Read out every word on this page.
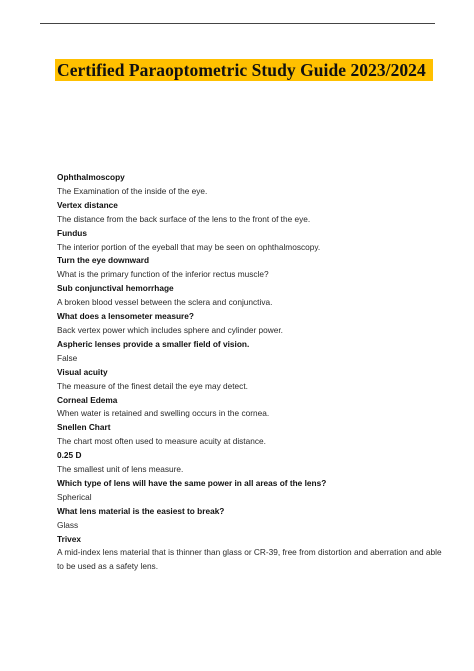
Certified Paraoptometric Study Guide 2023/2024
Ophthalmoscopy
The Examination of the inside of the eye.
Vertex distance
The distance from the back surface of the lens to the front of the eye.
Fundus
The interior portion of the eyeball that may be seen on ophthalmoscopy.
Turn the eye downward
What is the primary function of the inferior rectus muscle?
Sub conjunctival hemorrhage
A broken blood vessel between the sclera and conjunctiva.
What does a lensometer measure?
Back vertex power which includes sphere and cylinder power.
Aspheric lenses provide a smaller field of vision.
False
Visual acuity
The measure of the finest detail the eye may detect.
Corneal Edema
When water is retained and swelling occurs in the cornea.
Snellen Chart
The chart most often used to measure acuity at distance.
0.25 D
The smallest unit of lens measure.
Which type of lens will have the same power in all areas of the lens?
Spherical
What lens material is the easiest to break?
Glass
Trivex
A mid-index lens material that is thinner than glass or CR-39, free from distortion and aberration and able to be used as a safety lens.
